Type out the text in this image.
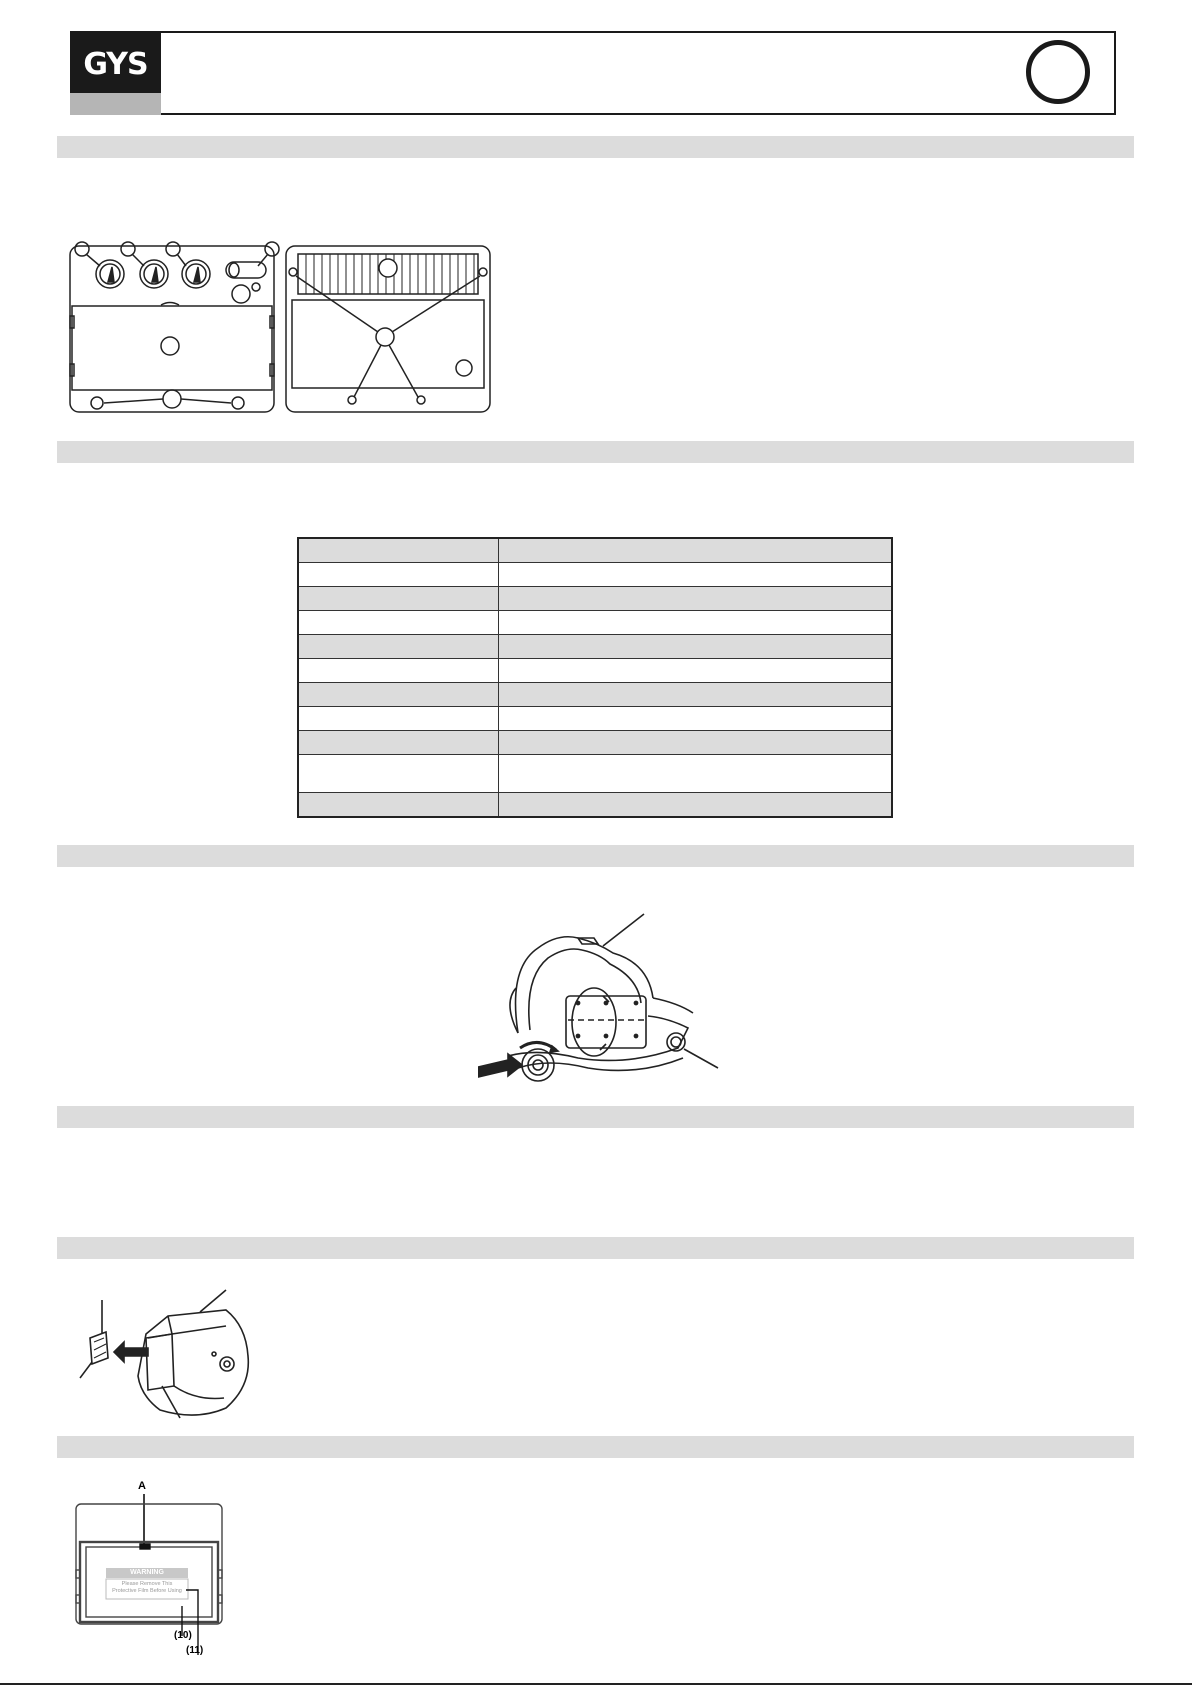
GYS

A
WARNING
Please Remove This
Protective Film Before Using
(10)
(11)
